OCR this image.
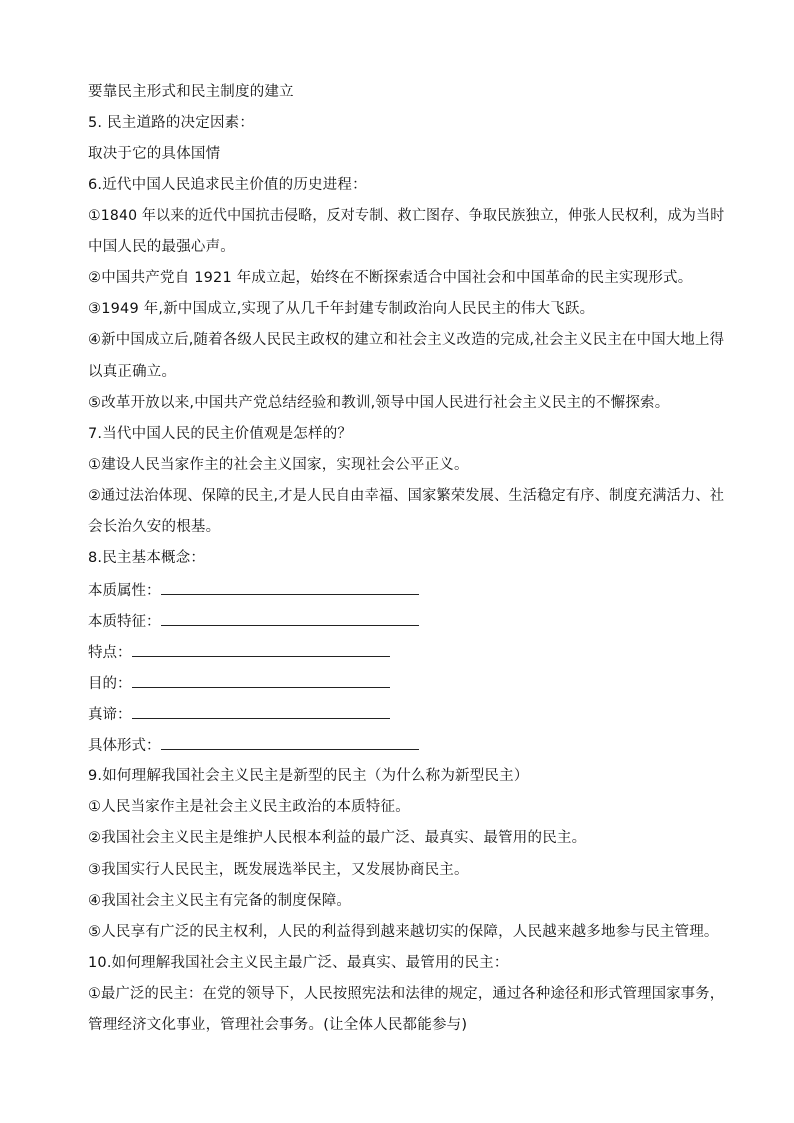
要靠民主形式和民主制度的建立
5. 民主道路的决定因素：
取决于它的具体国情
6.近代中国人民追求民主价值的历史进程：
①1840 年以来的近代中国抗击侵略，反对专制、救亡图存、争取民族独立，伸张人民权利，成为当时
中国人民的最强心声。
②中国共产党自 1921 年成立起，始终在不断探索适合中国社会和中国革命的民主实现形式。
③1949 年,新中国成立,实现了从几千年封建专制政治向人民民主的伟大飞跃。
④新中国成立后,随着各级人民民主政权的建立和社会主义改造的完成,社会主义民主在中国大地上得
以真正确立。
⑤改革开放以来,中国共产党总结经验和教训,领导中国人民进行社会主义民主的不懈探索。
7.当代中国人民的民主价值观是怎样的？
①建设人民当家作主的社会主义国家，实现社会公平正义。
②通过法治体现、保障的民主,才是人民自由幸福、国家繁荣发展、生活稳定有序、制度充满活力、社
会长治久安的根基。
8.民主基本概念：
本质属性：
本质特征：
特点：
目的：
真谛：
具体形式：
9.如何理解我国社会主义民主是新型的民主（为什么称为新型民主）
①人民当家作主是社会主义民主政治的本质特征。
②我国社会主义民主是维护人民根本利益的最广泛、最真实、最管用的民主。
③我国实行人民民主，既发展选举民主，又发展协商民主。
④我国社会主义民主有完备的制度保障。
⑤人民享有广泛的民主权利，人民的利益得到越来越切实的保障，人民越来越多地参与民主管理。
10.如何理解我国社会主义民主最广泛、最真实、最管用的民主：
①最广泛的民主：在党的领导下，人民按照宪法和法律的规定，通过各种途径和形式管理国家事务，
管理经济文化事业，管理社会事务。(让全体人民都能参与)
